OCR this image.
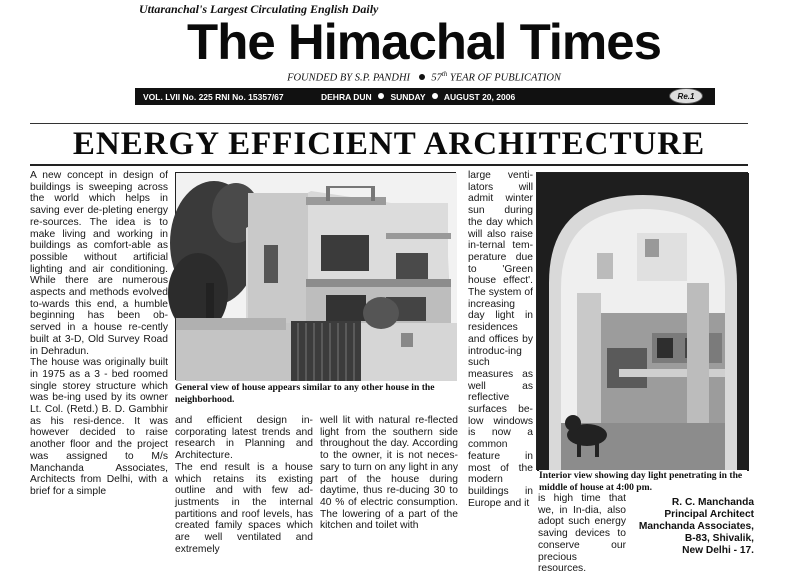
Uttaranchal's Largest Circulating English Daily
The Himachal Times
FOUNDED BY S.P. PANDHI 57th YEAR OF PUBLICATION
VOL. LVII No. 225 RNI No. 15357/67	DEHRA DUN SUNDAY AUGUST 20, 2006	Re.1
ENERGY EFFICIENT ARCHITECTURE

A new concept in design of buildings is sweeping across the world which helps in saving ever de-pleting energy re-sources. The idea is to make living and working in buildings as comfort-able as possible without artificial lighting and air conditioning. While there are numerous aspects and methods evolved to-wards this end, a humble beginning has been ob-served in a house re-cently built at 3-D, Old Survey Road in Dehradun.

The house was originally built in 1975 as a 3 - bed roomed single storey structure which was be-ing used by its owner Lt. Col. (Retd.) B. D. Gambhir as his resi-dence. It was however decided to raise another floor and the project was assigned to M/s Manchanda Associates, Architects from Delhi, with a brief for a simple

General view of house appears similar to any other house in the neighborhood.

and efficient design in-corporating latest trends and research in Planning and Architecture.

The end result is a house which retains its existing outline and with few ad-justments in the internal partitions and roof levels, has created family spaces which are well ventilated and extremely

well lit with natural re-flected light from the southern side throughout the day. According to the owner, it is not neces-sary to turn on any light in any part of the house during daytime, thus re-ducing 30 to 40 % of electric consumption. The lowering of a part of the kitchen and toilet with

large venti-lators will admit winter sun during the day which will also raise in-ternal tem-perature due to 'Green house effect'. The system of increasing day light in residences and offices by introduc-ing such measures as well as reflective surfaces be-low windows is now a common feature in most of the modern buildings in Europe and it

Interior view showing day light penetrating in the middle of house at 4:00 pm.

is high time that we, in In-dia, also adopt such energy saving devices to conserve our precious resources.

R. C. Manchanda
Principal Architect
Manchanda Associates,
B-83, Shivalik,
New Delhi - 17.
